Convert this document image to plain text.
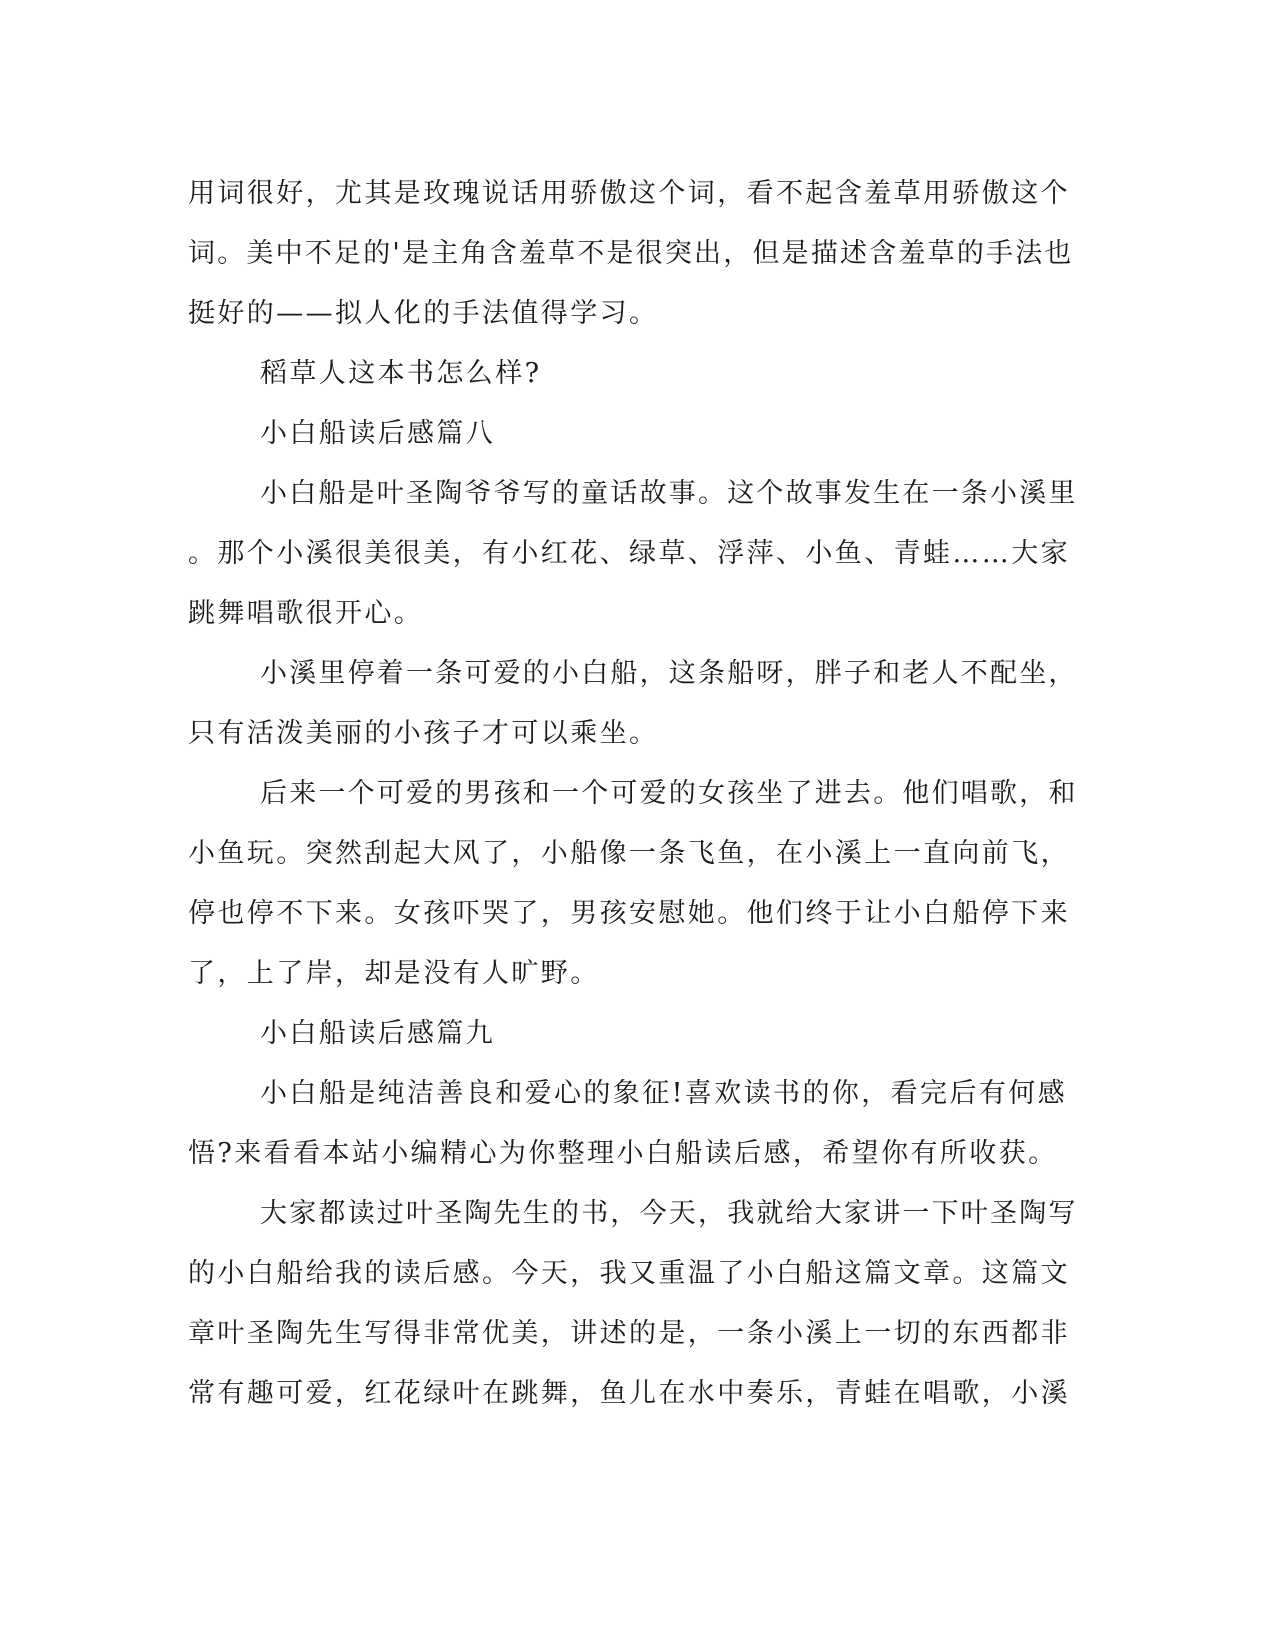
用词很好，尤其是玫瑰说话用骄傲这个词，看不起含羞草用骄傲这个
词。美中不足的'是主角含羞草不是很突出，但是描述含羞草的手法也
挺好的——拟人化的手法值得学习。
稻草人这本书怎么样?
小白船读后感篇八
小白船是叶圣陶爷爷写的童话故事。这个故事发生在一条小溪里
。那个小溪很美很美，有小红花、绿草、浮萍、小鱼、青蛙……大家
跳舞唱歌很开心。
小溪里停着一条可爱的小白船，这条船呀，胖子和老人不配坐，
只有活泼美丽的小孩子才可以乘坐。
后来一个可爱的男孩和一个可爱的女孩坐了进去。他们唱歌，和
小鱼玩。突然刮起大风了，小船像一条飞鱼，在小溪上一直向前飞，
停也停不下来。女孩吓哭了，男孩安慰她。他们终于让小白船停下来
了，上了岸，却是没有人旷野。
小白船读后感篇九
小白船是纯洁善良和爱心的象征!喜欢读书的你，看完后有何感
悟?来看看本站小编精心为你整理小白船读后感，希望你有所收获。
大家都读过叶圣陶先生的书，今天，我就给大家讲一下叶圣陶写
的小白船给我的读后感。今天，我又重温了小白船这篇文章。这篇文
章叶圣陶先生写得非常优美，讲述的是，一条小溪上一切的东西都非
常有趣可爱，红花绿叶在跳舞，鱼儿在水中奏乐，青蛙在唱歌，小溪
